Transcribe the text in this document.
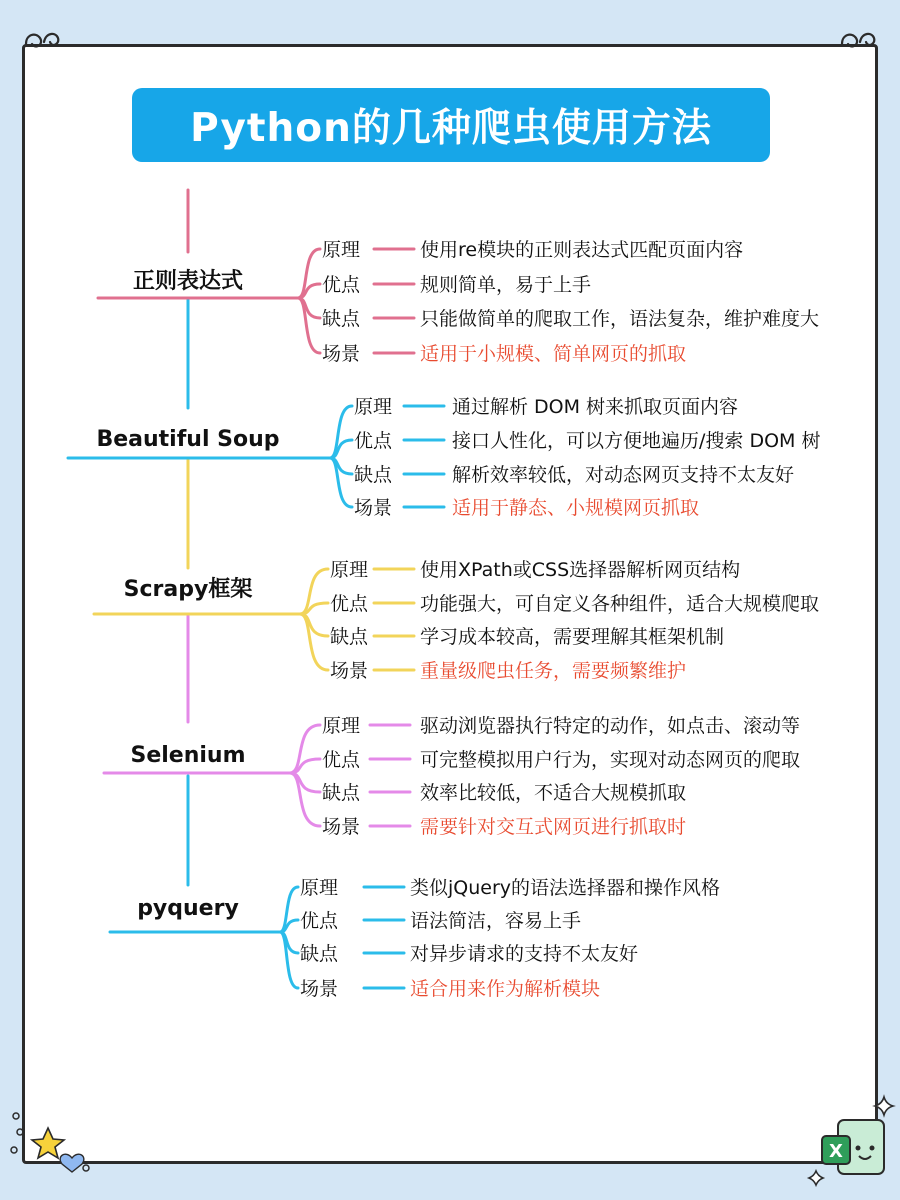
Python的几种爬虫使用方法
正则表达式
原理	使用re模块的正则表达式匹配页面内容
优点	规则简单，易于上手
缺点	只能做简单的爬取工作，语法复杂，维护难度大
场景	适用于小规模、简单网页的抓取
Beautiful Soup
原理	通过解析 DOM 树来抓取页面内容
优点	接口人性化，可以方便地遍历/搜索 DOM 树
缺点	解析效率较低，对动态网页支持不太友好
场景	适用于静态、小规模网页抓取
Scrapy框架
原理	使用XPath或CSS选择器解析网页结构
优点	功能强大，可自定义各种组件，适合大规模爬取
缺点	学习成本较高，需要理解其框架机制
场景	重量级爬虫任务，需要频繁维护
Selenium
原理	驱动浏览器执行特定的动作，如点击、滚动等
优点	可完整模拟用户行为，实现对动态网页的爬取
缺点	效率比较低，不适合大规模抓取
场景	需要针对交互式网页进行抓取时
pyquery
原理	类似jQuery的语法选择器和操作风格
优点	语法简洁，容易上手
缺点	对异步请求的支持不太友好
场景	适合用来作为解析模块
X
